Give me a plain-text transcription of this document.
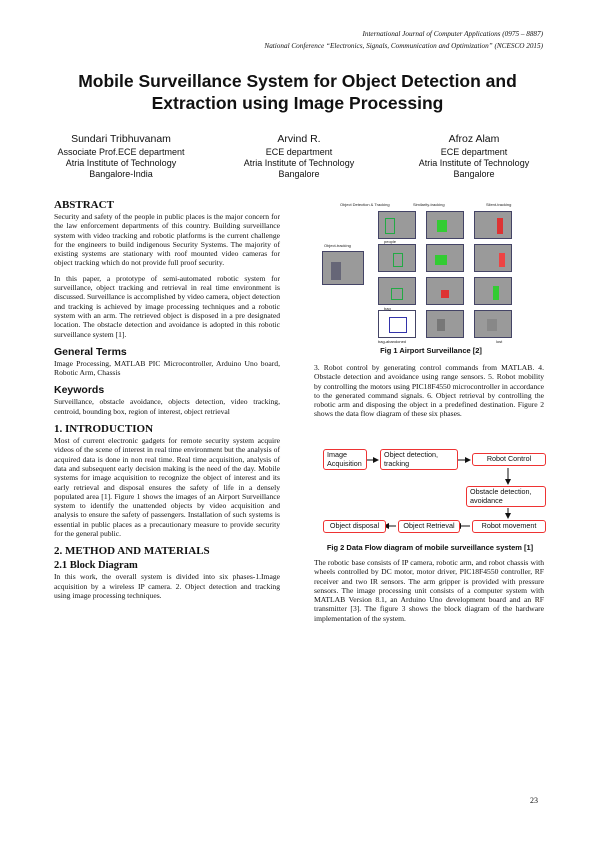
International Journal of Computer Applications (0975 – 8887)
National Conference “Electronics, Signals, Communication and Optimization” (NCESCO 2015)
Mobile Surveillance System for Object Detection and
Extraction using Image Processing
Sundari Tribhuvanam
Associate Prof.ECE department
Atria Institute of Technology
Bangalore-India
Arvind R.
ECE department
Atria Institute of Technology
Bangalore
Afroz Alam
ECE department
Atria Institute of Technology
Bangalore
ABSTRACT
Security and safety of the people in public places is the major concern for the law enforcement departments of this country. Building surveillance system with video tracking and robotic platforms is the current challenge for the engineers to build indigenous Security Systems. The majority of existing systems are stationary with roof mounted video cameras for object tracking which do not provide full proof security.
In this paper, a prototype of semi-automated robotic system for surveillance, object tracking and retrieval in real time environment is discussed. Surveillance is accomplished by video camera, object detection and tracking is achieved by image processing techniques and a robotic system with an arm. The retrieved object is disposed in a pre designated location. The obstacle detection and avoidance is adopted in this robotic surveillance system [1].
General Terms
Image Processing, MATLAB PIC Microcontroller, Arduino Uno board, Robotic Arm, Chassis
Keywords
Surveillance, obstacle avoidance, objects detection, video tracking, centroid, bounding box, region of interest, object retrieval
1. INTRODUCTION
Most of current electronic gadgets for remote security system acquire videos of the scene of interest in real time environment but the analysis of acquired data is done in non real time. Real time acquisition, analysis of data and subsequent early decision making is the need of the day. Mobile systems for image acquisition to recognize the object of interest and its early retrieval and disposal ensures the safety of life in a densely populated area [1]. Figure 1 shows the images of an Airport Surveillance system to identify the unattended objects by video acquisition and analysis to ensure the safety of passengers. Installation of such systems is essential in public places as a precautionary measure to provide security for the general public.
2. METHOD AND MATERIALS
2.1 Block Diagram
In this work, the overall system is divided into six phases-1.Image acquisition by a wireless IP camera. 2. Object detection and tracking using image processing techniques.
Object Detection & Tracking	Similarity-tracking	Silent-tracking
Object-tracking
people
bag
bag-abandoned	lost
Fig 1 Airport Surveillance [2]
3. Robot control by generating control commands from MATLAB. 4. Obstacle detection and avoidance using range sensors. 5. Robot mobility by controlling the motors using PIC18F4550 microcontroller in accordance to the generated command signals. 6. Object retrieval by controlling the robotic arm and disposing the object in a predefined destination. Figure 2 shows the data flow diagram of these six phases.
Image Acquisition
Object detection, tracking	Robot Control
Obstacle detection, avoidance
Robot movement
Object Retrieval
Object disposal
Fig 2 Data Flow diagram of mobile surveillance system [1]
The robotic base consists of IP camera, robotic arm, and robot chassis with wheels controlled by DC motor, motor driver, PIC18F4550 controller, RF receiver and two IR sensors. The arm gripper is provided with pressure sensors. The image processing unit consists of a computer system with MATLAB Version 8.1, an Arduino Uno development board and an RF transmitter [3]. The figure 3 shows the block diagram of the hardware implementation of the system.
23
